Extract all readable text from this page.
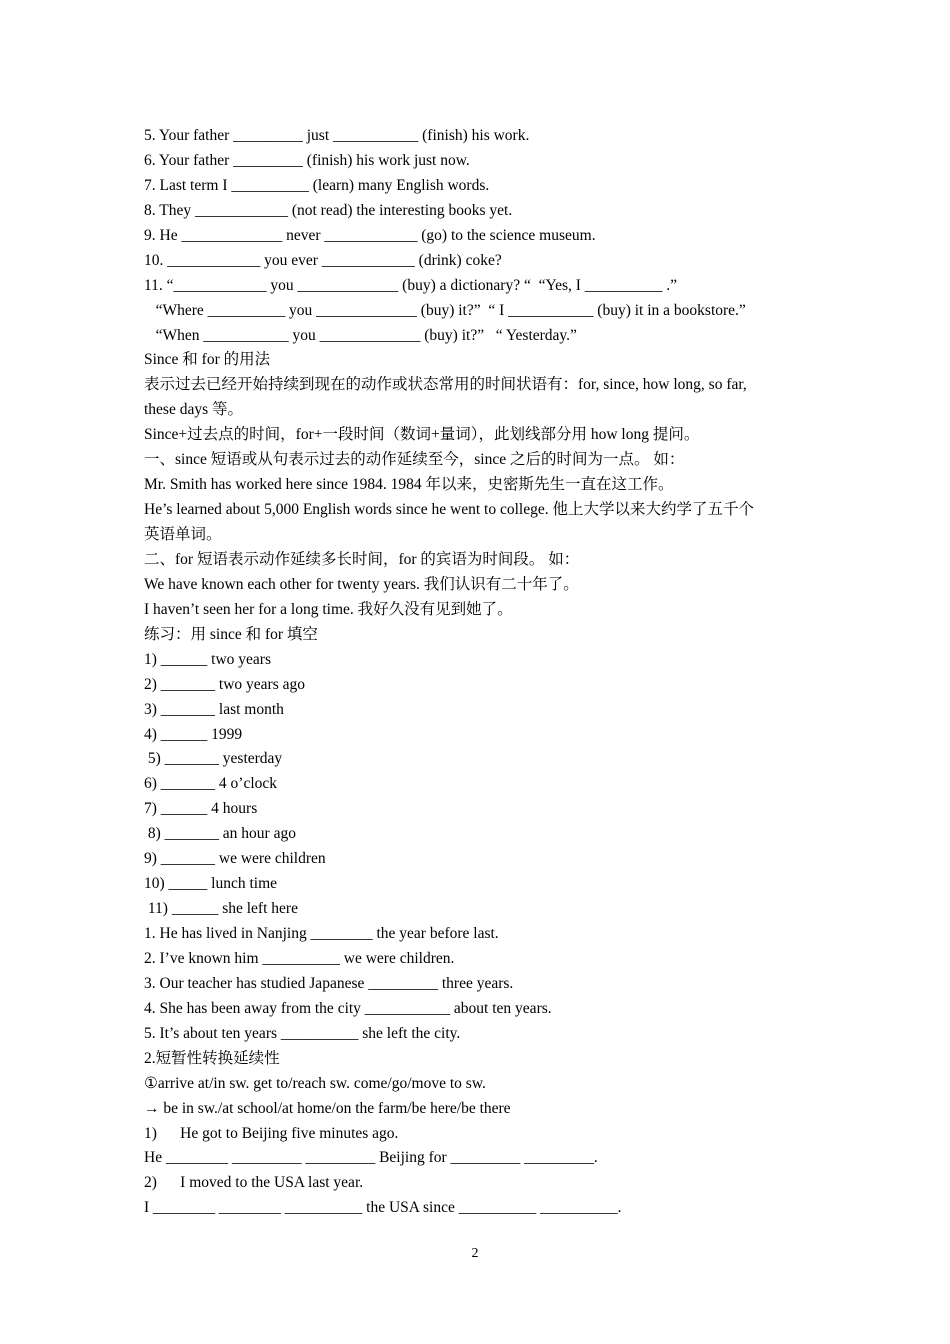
5. Your father _________ just ___________ (finish) his work.
6. Your father _________ (finish) his work just now.
7. Last term I __________ (learn) many English words.
8. They ____________ (not read) the interesting books yet.
9. He _____________ never ____________ (go) to the science museum.
10. ____________ you ever ____________ (drink) coke?
11. “____________ you _____________ (buy) a dictionary? “  “Yes, I __________ .”
“Where __________ you _____________ (buy) it?”  “ I ___________ (buy) it in a bookstore.”
“When ___________ you _____________ (buy) it?”   “ Yesterday.”
Since 和 for 的用法
表示过去已经开始持续到现在的动作或状态常用的时间状语有：for, since, how long, so far,
these days 等。
Since+过去点的时间，for+一段时间（数词+量词），此划线部分用 how long 提问。
一、since 短语或从句表示过去的动作延续至今，since 之后的时间为一点。 如：
Mr. Smith has worked here since 1984. 1984 年以来，史密斯先生一直在这工作。
He’s learned about 5,000 English words since he went to college. 他上大学以来大约学了五千个
英语单词。
二、for 短语表示动作延续多长时间，for 的宾语为时间段。 如：
We have known each other for twenty years. 我们认识有二十年了。
I haven’t seen her for a long time. 我好久没有见到她了。
练习：用 since 和 for 填空
1) ______ two years
2) _______ two years ago
3) _______ last month
4) ______ 1999
5) _______ yesterday
6) _______ 4 o’clock
7) ______ 4 hours
8) _______ an hour ago
9) _______ we were children
10) _____ lunch time
11) ______ she left here
1. He has lived in Nanjing ________ the year before last.
2. I’ve known him __________ we were children.
3. Our teacher has studied Japanese _________ three years.
4. She has been away from the city ___________ about ten years.
5. It’s about ten years __________ she left the city.
2.短暂性转换延续性
①arrive at/in sw. get to/reach sw. come/go/move to sw.
→ be in sw./at school/at home/on the farm/be here/be there
1)      He got to Beijing five minutes ago.
He ________ _________ _________ Beijing for _________ _________.
2)      I moved to the USA last year.
I ________ ________ __________ the USA since __________ __________.
2
